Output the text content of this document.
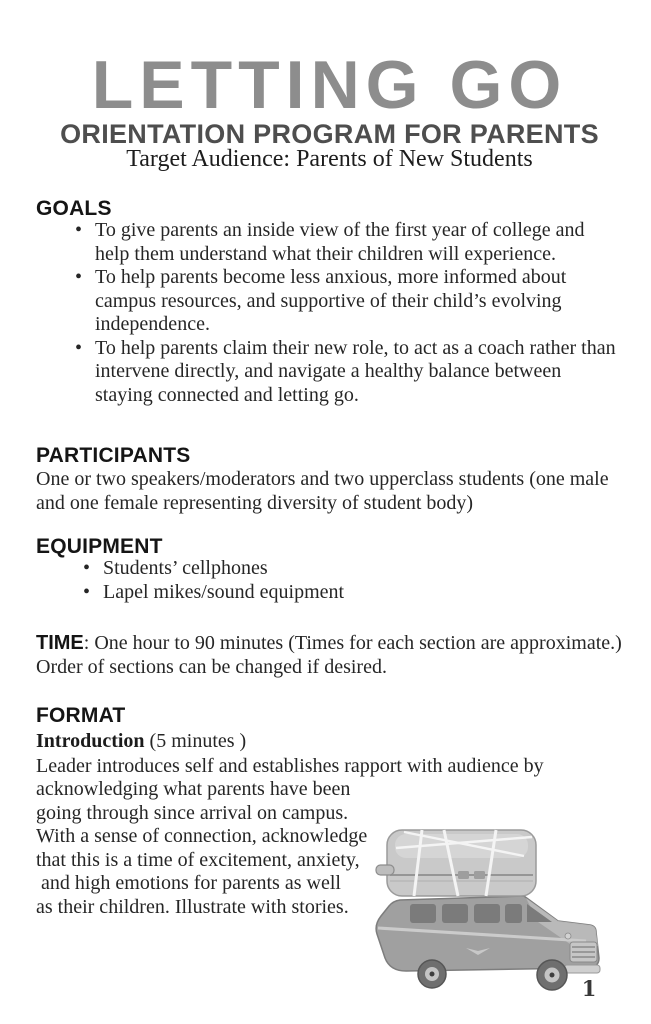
LETTING GO
ORIENTATION PROGRAM FOR PARENTS

Target Audience: Parents of New Students

GOALS
• To give parents an inside view of the first year of college and help them understand what their children will experience.
• To help parents become less anxious, more informed about campus resources, and supportive of their child’s evolving independence.
• To help parents claim their new role, to act as a coach rather than intervene directly, and navigate a healthy balance between staying connected and letting go.
PARTICIPANTS

One or two speakers/moderators and two upperclass students (one male and one female representing diversity of student body)

EQUIPMENT
• Students’ cellphones
• Lapel mikes/sound equipment

TIME: One hour to 90 minutes (Times for each section are approximate.) Order of sections can be changed if desired.

FORMAT

Introduction (5 minutes )

Leader introduces self and establishes rapport with audience by
acknowledging what parents have been
going through since arrival on campus.
With a sense of connection, acknowledge
that this is a time of excitement, anxiety,
and high emotions for parents as well
as their children. Illustrate with stories.
1
